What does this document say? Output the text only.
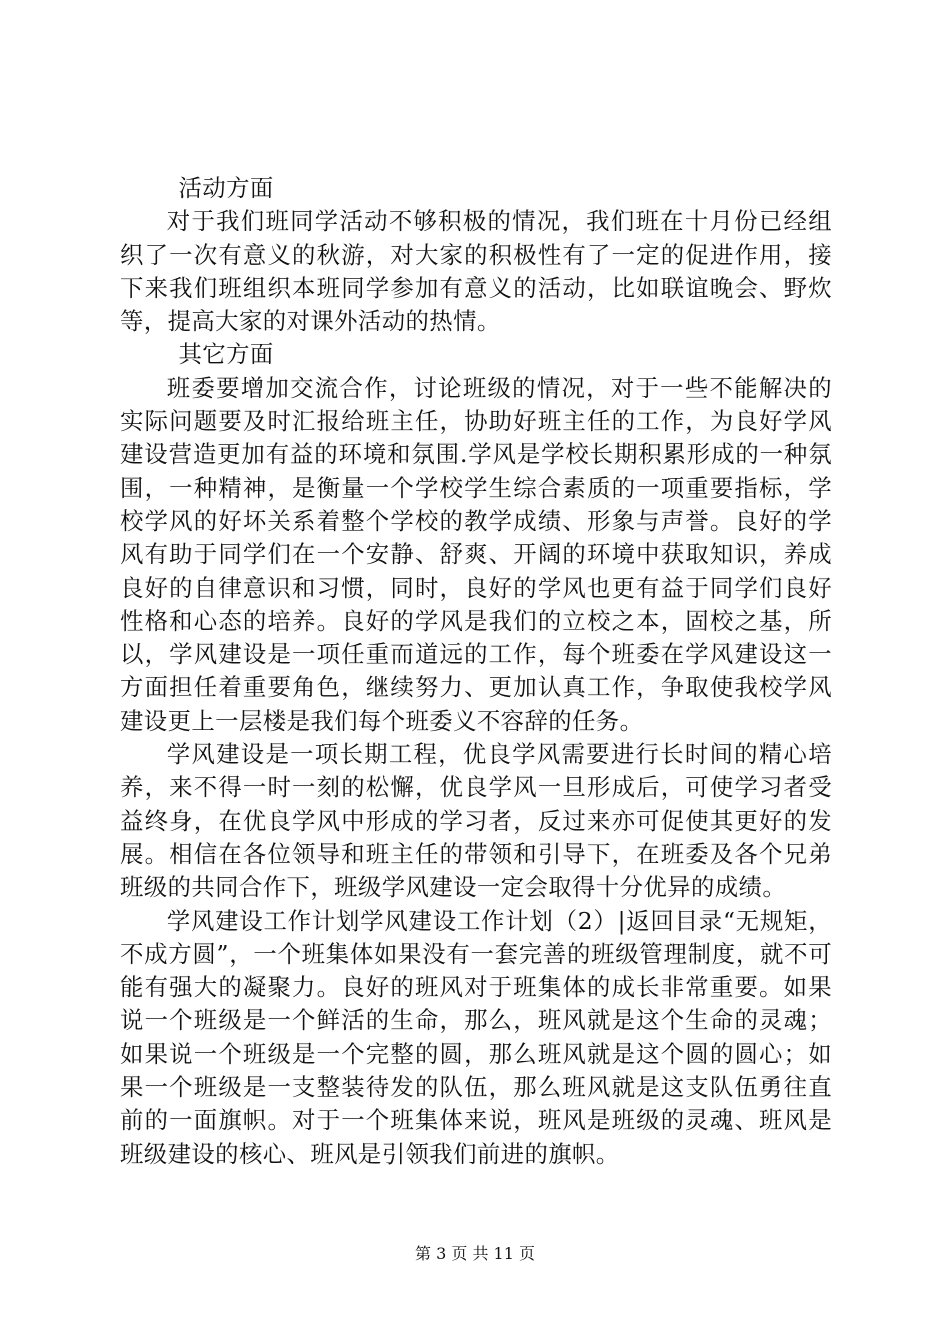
活动方面

对于我们班同学活动不够积极的情况，我们班在十月份已经组织了一次有意义的秋游，对大家的积极性有了一定的促进作用，接下来我们班组织本班同学参加有意义的活动，比如联谊晚会、野炊等，提高大家的对课外活动的热情。

其它方面

班委要增加交流合作，讨论班级的情况，对于一些不能解决的实际问题要及时汇报给班主任，协助好班主任的工作，为良好学风建设营造更加有益的环境和氛围.学风是学校长期积累形成的一种氛围，一种精神，是衡量一个学校学生综合素质的一项重要指标，学校学风的好坏关系着整个学校的教学成绩、形象与声誉。良好的学风有助于同学们在一个安静、舒爽、开阔的环境中获取知识，养成良好的自律意识和习惯，同时，良好的学风也更有益于同学们良好性格和心态的培养。良好的学风是我们的立校之本，固校之基，所以，学风建设是一项任重而道远的工作，每个班委在学风建设这一方面担任着重要角色，继续努力、更加认真工作，争取使我校学风建设更上一层楼是我们每个班委义不容辞的任务。

学风建设是一项长期工程，优良学风需要进行长时间的精心培养，来不得一时一刻的松懈，优良学风一旦形成后，可使学习者受益终身，在优良学风中形成的学习者，反过来亦可促使其更好的发展。相信在各位领导和班主任的带领和引导下，在班委及各个兄弟班级的共同合作下，班级学风建设一定会取得十分优异的成绩。

学风建设工作计划学风建设工作计划（2）|返回目录“无规矩，不成方圆”，一个班集体如果没有一套完善的班级管理制度，就不可能有强大的凝聚力。良好的班风对于班集体的成长非常重要。如果说一个班级是一个鲜活的生命，那么，班风就是这个生命的灵魂；如果说一个班级是一个完整的圆，那么班风就是这个圆的圆心；如果一个班级是一支整装待发的队伍，那么班风就是这支队伍勇往直前的一面旗帜。对于一个班集体来说，班风是班级的灵魂、班风是班级建设的核心、班风是引领我们前进的旗帜。

第 3 页 共 11 页
